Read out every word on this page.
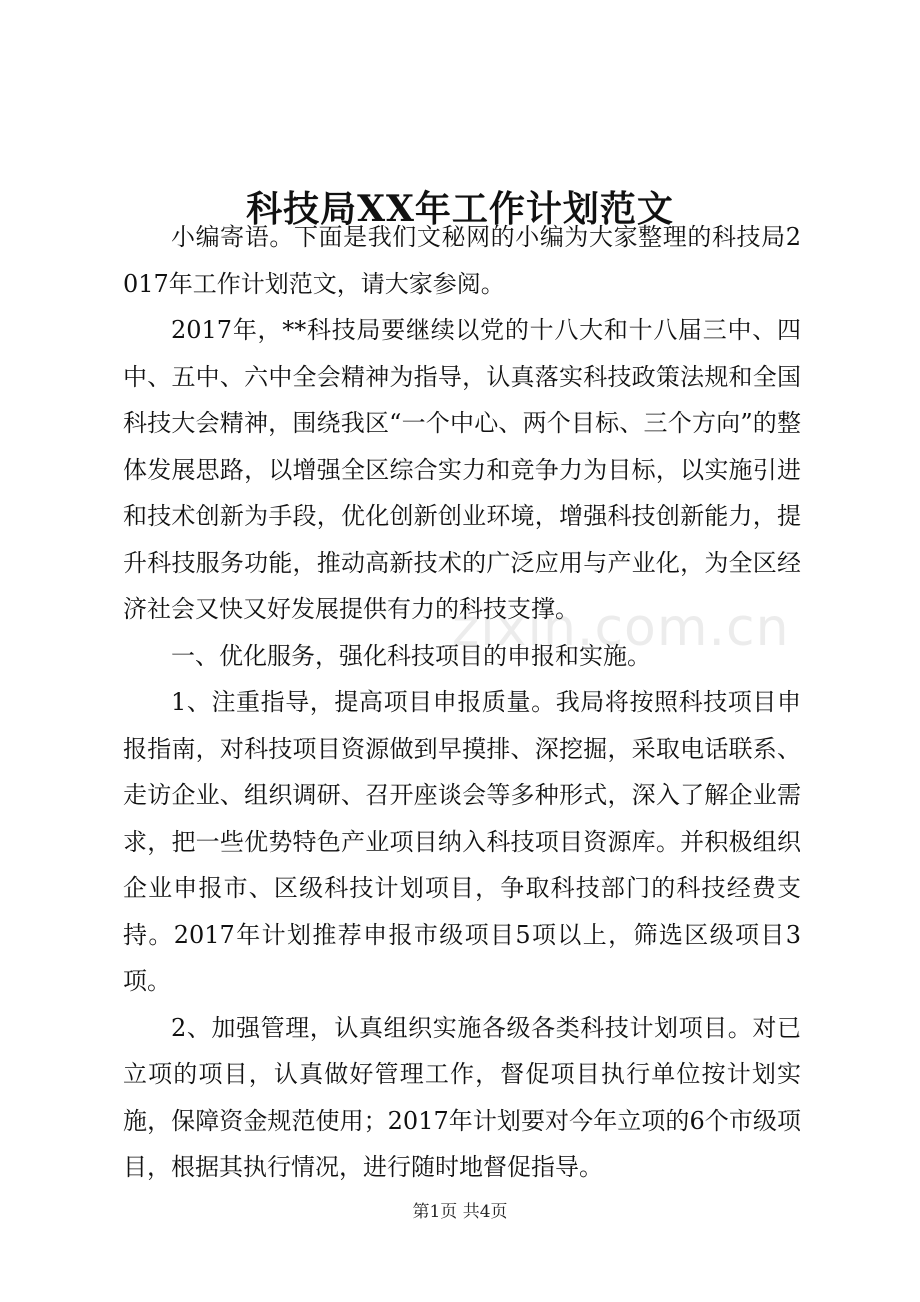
zixin.com.cn
科技局XX年工作计划范文

小编寄语。下面是我们文秘网的小编为大家整理的科技局2017年工作计划范文，请大家参阅。

2017年，**科技局要继续以党的十八大和十八届三中、四中、五中、六中全会精神为指导，认真落实科技政策法规和全国科技大会精神，围绕我区“一个中心、两个目标、三个方向”的整体发展思路，以增强全区综合实力和竞争力为目标，以实施引进和技术创新为手段，优化创新创业环境，增强科技创新能力，提升科技服务功能，推动高新技术的广泛应用与产业化，为全区经济社会又快又好发展提供有力的科技支撑。

一、优化服务，强化科技项目的申报和实施。

1、注重指导，提高项目申报质量。我局将按照科技项目申报指南，对科技项目资源做到早摸排、深挖掘，采取电话联系、走访企业、组织调研、召开座谈会等多种形式，深入了解企业需求，把一些优势特色产业项目纳入科技项目资源库。并积极组织企业申报市、区级科技计划项目，争取科技部门的科技经费支持。2017年计划推荐申报市级项目5项以上，筛选区级项目3项。

2、加强管理，认真组织实施各级各类科技计划项目。对已立项的项目，认真做好管理工作，督促项目执行单位按计划实施，保障资金规范使用；2017年计划要对今年立项的6个市级项目，根据其执行情况，进行随时地督促指导。

第1页 共4页
